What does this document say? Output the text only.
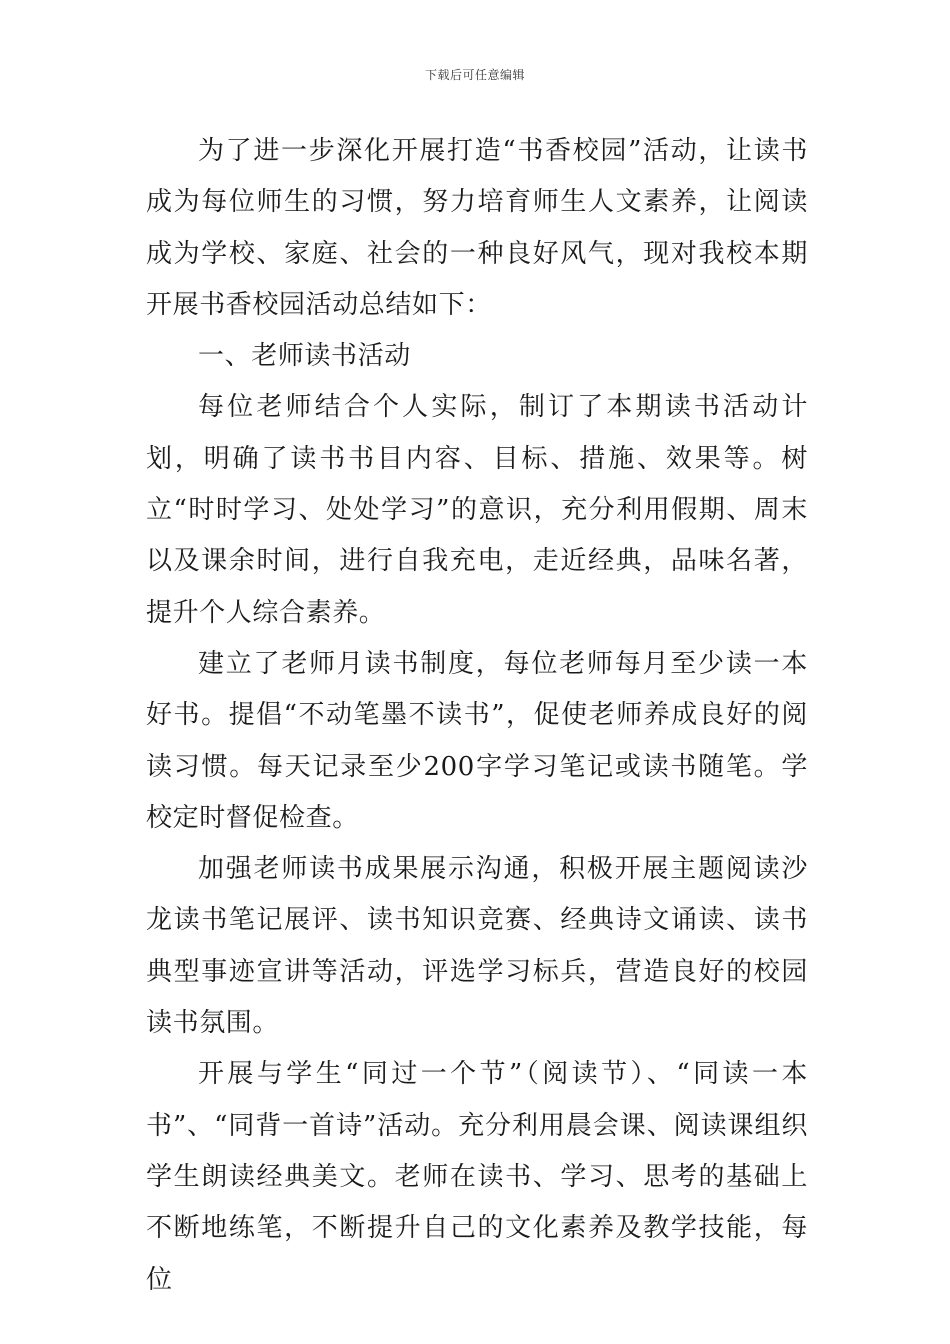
下载后可任意编辑

为了进一步深化开展打造“书香校园”活动，让读书成为每位师生的习惯，努力培育师生人文素养，让阅读成为学校、家庭、社会的一种良好风气，现对我校本期开展书香校园活动总结如下：

一、老师读书活动

每位老师结合个人实际，制订了本期读书活动计划，明确了读书书目内容、目标、措施、效果等。树立“时时学习、处处学习”的意识，充分利用假期、周末以及课余时间，进行自我充电，走近经典，品味名著，提升个人综合素养。

建立了老师月读书制度，每位老师每月至少读一本好书。提倡“不动笔墨不读书”，促使老师养成良好的阅读习惯。每天记录至少200字学习笔记或读书随笔。学校定时督促检查。

加强老师读书成果展示沟通，积极开展主题阅读沙龙读书笔记展评、读书知识竞赛、经典诗文诵读、读书典型事迹宣讲等活动，评选学习标兵，营造良好的校园读书氛围。

开展与学生“同过一个节”（阅读节）、“同读一本书”、“同背一首诗”活动。充分利用晨会课、阅读课组织学生朗读经典美文。老师在读书、学习、思考的基础上不断地练笔，不断提升自己的文化素养及教学技能，每位
